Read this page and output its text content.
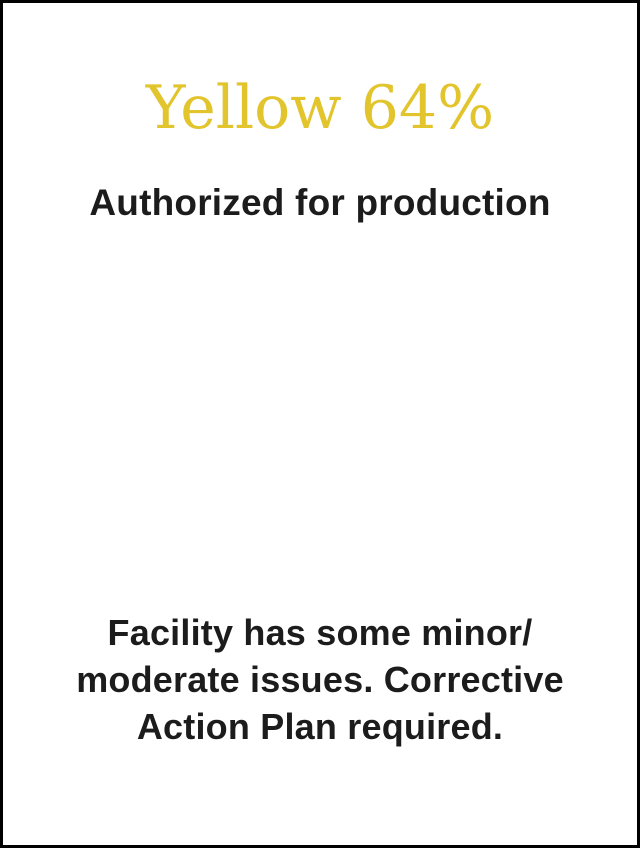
Yellow 64%
Authorized for production

Facility has some minor/
moderate issues. Corrective
Action Plan required.
